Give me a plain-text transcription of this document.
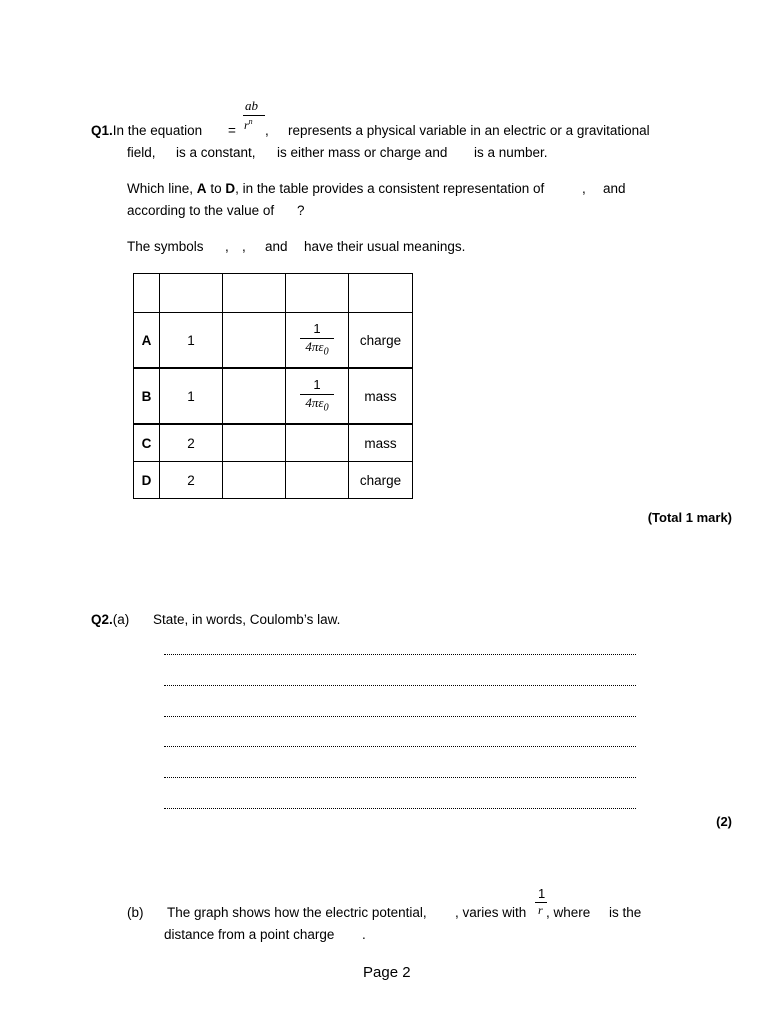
ab
$r^n$
Q1.In the equation = , represents a physical variable in an electric or a gravitational
field, is a constant, is either mass or charge and is a number.
Which line, A to D, in the table provides a consistent representation of	, and
according to the value of ?
The symbols , , and have their usual meanings.

A	1		$\frac{1}{4\pi\varepsilon_0}$	charge
B	1		$\frac{1}{4\pi\varepsilon_0}$	mass
C	2			mass
D	2			charge
(Total 1 mark)
Q2.(a) State, in words, Coulomb’s law.
(2)
1
r
(b) The graph shows how the electric potential, , varies with , where is the
distance from a point charge .
Page 2
